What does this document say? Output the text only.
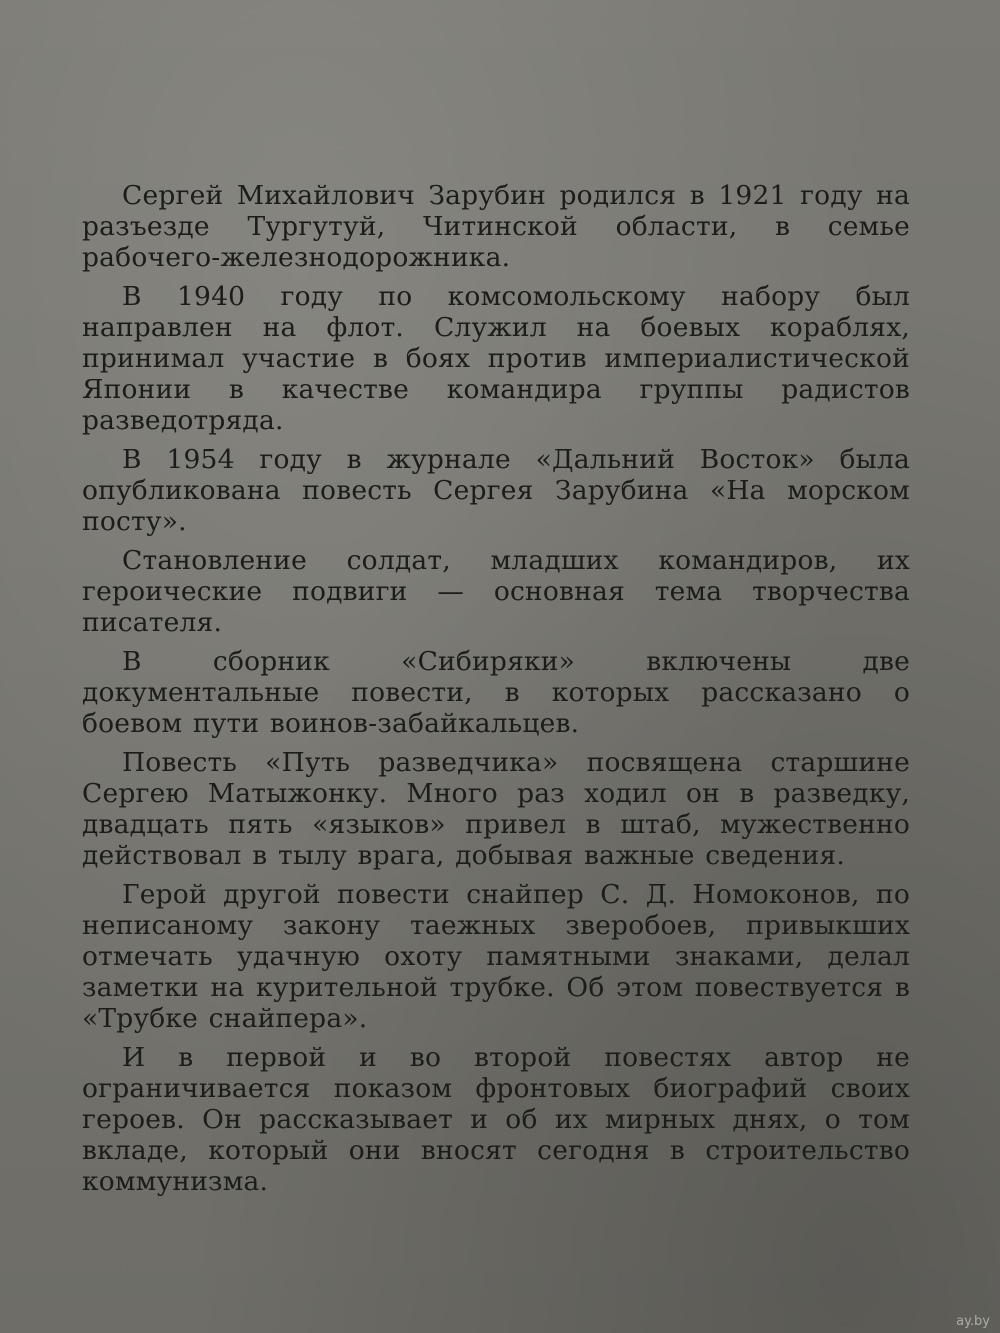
Сергей Михайлович Зарубин родился в 1921 году на разъезде Тургутуй, Читинской области, в семье рабочего-железнодорожника.

В 1940 году по комсомольскому набору был направлен на флот. Служил на боевых кораблях, принимал участие в боях против империалистической Японии в качестве командира группы радистов разведотряда.

В 1954 году в журнале «Дальний Восток» была опубликована повесть Сергея Зарубина «На морском посту».

Становление солдат, младших командиров, их героические подвиги — основная тема творчества писателя.

В сборник «Сибиряки» включены две документальные повести, в которых рассказано о боевом пути воинов-забайкальцев.

Повесть «Путь разведчика» посвящена старшине Сергею Матыжонку. Много раз ходил он в разведку, двадцать пять «языков» привел в штаб, мужественно действовал в тылу врага, добывая важные сведения.

Герой другой повести снайпер С. Д. Номоконов, по неписаному закону таежных зверобоев, привыкших отмечать удачную охоту памятными знаками, делал заметки на курительной трубке. Об этом повествуется в «Трубке снайпера».

И в первой и во второй повестях автор не ограничивается показом фронтовых биографий своих героев. Он рассказывает и об их мирных днях, о том вкладе, который они вносят сегодня в строительство коммунизма.

ay.by
